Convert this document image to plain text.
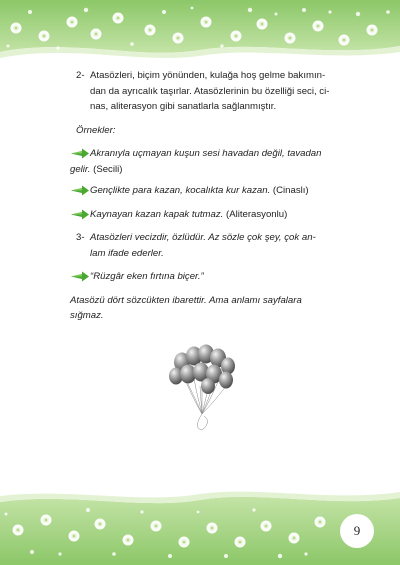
2- Atasözleri, biçim yönünden, kulağa hoş gelme bakımın-
dan da ayrıcalık taşırlar. Atasözlerinin bu özelliği seci, ci-
nas, aliterasyon gibi sanatlarla sağlanmıştır.
Örnekler:
Akranıyla uçmayan kuşun sesi havadan değil, tavadan
gelir. (Secili)
Gençlikte para kazan, kocalıkta kur kazan. (Cinaslı)
Kaynayan kazan kapak tutmaz. (Aliterasyonlu)
3- Atasözleri vecizdir, özlüdür. Az sözle çok şey, çok an-
lam ifade ederler.
“Rüzgâr eken fırtına biçer.”
Atasözü dört sözcükten ibarettir. Ama anlamı sayfalara
sığmaz.
9
